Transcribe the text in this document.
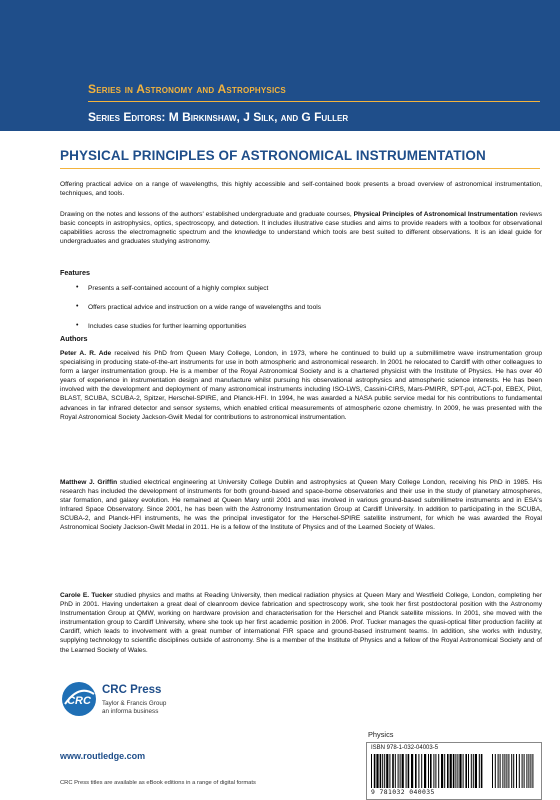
Series in Astronomy and Astrophysics
Series Editors: M Birkinshaw, J Silk, and G Fuller
PHYSICAL PRINCIPLES OF ASTRONOMICAL INSTRUMENTATION

Offering practical advice on a range of wavelengths, this highly accessible and self-contained book presents a broad overview of astronomical instrumentation, techniques, and tools.

Drawing on the notes and lessons of the authors' established undergraduate and graduate courses, Physical Principles of Astronomical Instrumentation reviews basic concepts in astrophysics, optics, spectroscopy, and detection. It includes illustrative case studies and aims to provide readers with a toolbox for observational capabilities across the electromagnetic spectrum and the knowledge to understand which tools are best suited to different observations. It is an ideal guide for undergraduates and graduates studying astronomy.

Features
• Presents a self-contained account of a highly complex subject
• Offers practical advice and instruction on a wide range of wavelengths and tools
• Includes case studies for further learning opportunities
Authors

Peter A. R. Ade received his PhD from Queen Mary College, London, in 1973, where he continued to build up a submillimetre wave instrumentation group specialising in producing state-of-the-art instruments for use in both atmospheric and astronomical research. In 2001 he relocated to Cardiff with other colleagues to form a larger instrumentation group. He is a member of the Royal Astronomical Society and is a chartered physicist with the Institute of Physics. He has over 40 years of experience in instrumentation design and manufacture whilst pursuing his observational astrophysics and atmospheric science interests. He has been involved with the development and deployment of many astronomical instruments including ISO-LWS, Cassini-CIRS, Mars-PMIRR, SPT-pol, ACT-pol, EBEX, Pilot, BLAST, SCUBA, SCUBA-2, Spitzer, Herschel-SPIRE, and Planck-HFI. In 1994, he was awarded a NASA public service medal for his contributions to fundamental advances in far infrared detector and sensor systems, which enabled critical measurements of atmospheric ozone chemistry. In 2009, he was presented with the Royal Astronomical Society Jackson-Gwilt Medal for contributions to astronomical instrumentation.

Matthew J. Griffin studied electrical engineering at University College Dublin and astrophysics at Queen Mary College London, receiving his PhD in 1985. His research has included the development of instruments for both ground-based and space-borne observatories and their use in the study of planetary atmospheres, star formation, and galaxy evolution. He remained at Queen Mary until 2001 and was involved in various ground-based submillimetre instruments and in ESA's Infrared Space Observatory. Since 2001, he has been with the Astronomy Instrumentation Group at Cardiff University. In addition to participating in the SCUBA, SCUBA-2, and Planck-HFI instruments, he was the principal investigator for the Herschel-SPIRE satellite instrument, for which he was awarded the Royal Astronomical Society Jackson-Gwilt Medal in 2011. He is a fellow of the Institute of Physics and of the Learned Society of Wales.

Carole E. Tucker studied physics and maths at Reading University, then medical radiation physics at Queen Mary and Westfield College, London, completing her PhD in 2001. Having undertaken a great deal of cleanroom device fabrication and spectroscopy work, she took her first postdoctoral position with the Astronomy Instrumentation Group at QMW, working on hardware provision and characterisation for the Herschel and Planck satellite missions. In 2001, she moved with the instrumentation group to Cardiff University, where she took up her first academic position in 2006. Prof. Tucker manages the quasi-optical filter production facility at Cardiff, which leads to involvement with a great number of international FIR space and ground-based instrument teams. In addition, she works with industry, supplying technology to scientific disciplines outside of astronomy. She is a member of the Institute of Physics and a fellow of the Royal Astronomical Society and of the Learned Society of Wales.

CRC
CRC Press
Taylor & Francis Group
an informa business
www.routledge.com
CRC Press titles are available as eBook editions in a range of digital formats
Physics
ISBN 978-1-032-04003-5
9 781032 040035
